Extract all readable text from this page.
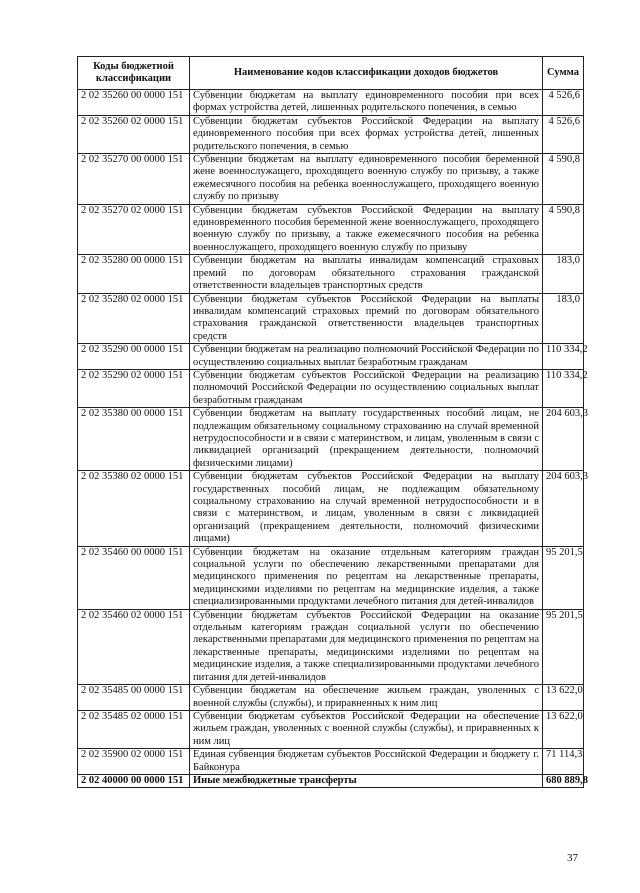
Коды бюджетной классификации	Наименование кодов классификации доходов бюджетов	Сумма
2 02 35260 00 0000 151	Субвенции бюджетам на выплату единовременного пособия при всех формах устройства детей, лишенных родительского попечения, в семью	4 526,6
2 02 35260 02 0000 151	Субвенции бюджетам субъектов Российской Федерации на выплату единовременного пособия при всех формах устройства детей, лишенных родительского попечения, в семью	4 526,6
2 02 35270 00 0000 151	Субвенции бюджетам на выплату единовременного пособия беременной жене военнослужащего, проходящего военную службу по призыву, а также ежемесячного пособия на ребенка военнослужащего, проходящего военную службу по призыву	4 590,8
2 02 35270 02 0000 151	Субвенции бюджетам субъектов Российской Федерации на выплату единовременного пособия беременной жене военнослужащего, проходящего военную службу по призыву, а также ежемесячного пособия на ребенка военнослужащего, проходящего военную службу по призыву	4 590,8
2 02 35280 00 0000 151	Субвенции бюджетам на выплаты инвалидам компенсаций страховых премий по договорам обязательного страхования гражданской ответственности владельцев транспортных средств	183,0
2 02 35280 02 0000 151	Субвенции бюджетам субъектов Российской Федерации на выплаты инвалидам компенсаций страховых премий по договорам обязательного страхования гражданской ответственности владельцев транспортных средств	183,0
2 02 35290 00 0000 151	Субвенции бюджетам на реализацию полномочий Российской Федерации по осуществлению социальных выплат безработным гражданам	110 334,2
2 02 35290 02 0000 151	Субвенции бюджетам субъектов Российской Федерации на реализацию полномочий Российской Федерации по осуществлению социальных выплат безработным гражданам	110 334,2
2 02 35380 00 0000 151	Субвенции бюджетам на выплату государственных пособий лицам, не подлежащим обязательному социальному страхованию на случай временной нетрудоспособности и в связи с материнством, и лицам, уволенным в связи с ликвидацией организаций (прекращением деятельности, полномочий физическими лицами)	204 603,3
2 02 35380 02 0000 151	Субвенции бюджетам субъектов Российской Федерации на выплату государственных пособий лицам, не подлежащим обязательному социальному страхованию на случай временной нетрудоспособности и в связи с материнством, и лицам, уволенным в связи с ликвидацией организаций (прекращением деятельности, полномочий физическими лицами)	204 603,3
2 02 35460 00 0000 151	Субвенции бюджетам на оказание отдельным категориям граждан социальной услуги по обеспечению лекарственными препаратами для медицинского применения по рецептам на лекарственные препараты, медицинскими изделиями по рецептам на медицинские изделия, а также специализированными продуктами лечебного питания для детей-инвалидов	95 201,5
2 02 35460 02 0000 151	Субвенции бюджетам субъектов Российской Федерации на оказание отдельным категориям граждан социальной услуги по обеспечению лекарственными препаратами для медицинского применения по рецептам на лекарственные препараты, медицинскими изделиями по рецептам на медицинские изделия, а также специализированными продуктами лечебного питания для детей-инвалидов	95 201,5
2 02 35485 00 0000 151	Субвенции бюджетам на обеспечение жильем граждан, уволенных с военной службы (службы), и приравненных к ним лиц	13 622,0
2 02 35485 02 0000 151	Субвенции бюджетам субъектов Российской Федерации на обеспечение жильем граждан, уволенных с военной службы (службы), и приравненных к ним лиц	13 622,0
2 02 35900 02 0000 151	Единая субвенция бюджетам субъектов Российской Федерации и бюджету г. Байконура	71 114,3
2 02 40000 00 0000 151	Иные межбюджетные трансферты	680 889,8
37
